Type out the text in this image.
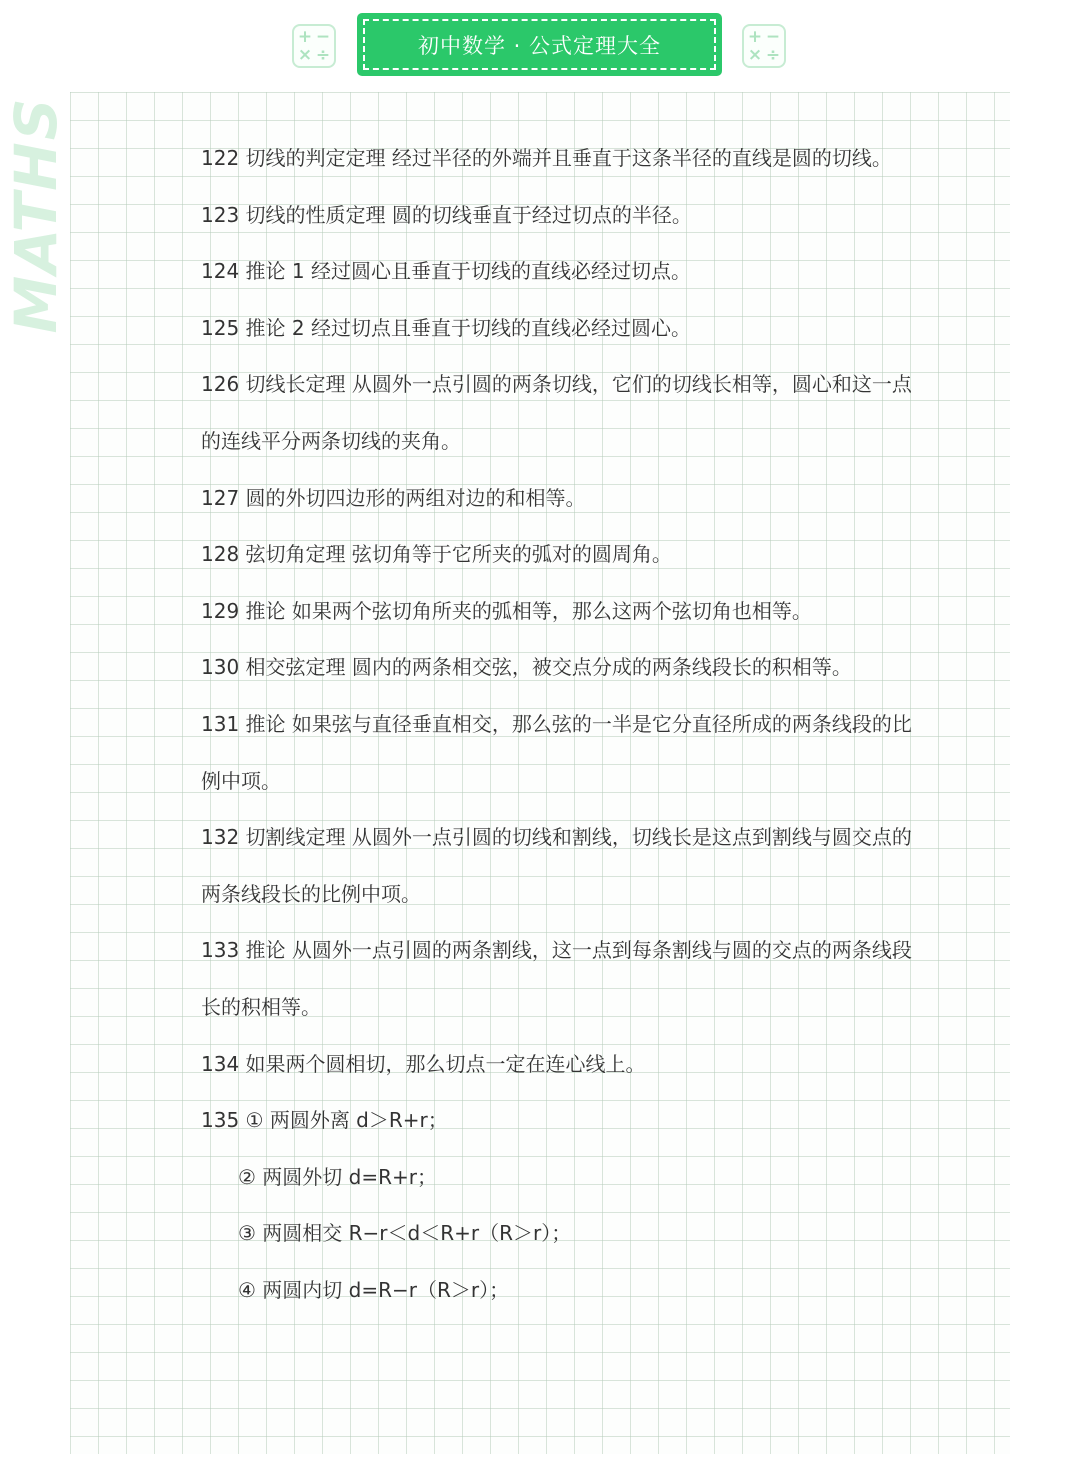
MATHS
+ −
× ÷	初中数学 · 公式定理大全	+ −
× ÷

122 切线的判定定理 经过半径的外端并且垂直于这条半径的直线是圆的切线。

123 切线的性质定理 圆的切线垂直于经过切点的半径。

124 推论 1 经过圆心且垂直于切线的直线必经过切点。

125 推论 2 经过切点且垂直于切线的直线必经过圆心。

126 切线长定理 从圆外一点引圆的两条切线，它们的切线长相等，圆心和这一点的连线平分两条切线的夹角。

127 圆的外切四边形的两组对边的和相等。

128 弦切角定理 弦切角等于它所夹的弧对的圆周角。

129 推论 如果两个弦切角所夹的弧相等，那么这两个弦切角也相等。

130 相交弦定理 圆内的两条相交弦，被交点分成的两条线段长的积相等。

131 推论 如果弦与直径垂直相交，那么弦的一半是它分直径所成的两条线段的比例中项。

132 切割线定理 从圆外一点引圆的切线和割线，切线长是这点到割线与圆交点的两条线段长的比例中项。

133 推论 从圆外一点引圆的两条割线，这一点到每条割线与圆的交点的两条线段长的积相等。

134 如果两个圆相切，那么切点一定在连心线上。

135 ① 两圆外离 d＞R+r；

② 两圆外切 d=R+r；

③ 两圆相交 R−r＜d＜R+r（R＞r）；

④ 两圆内切 d=R−r（R＞r）；
